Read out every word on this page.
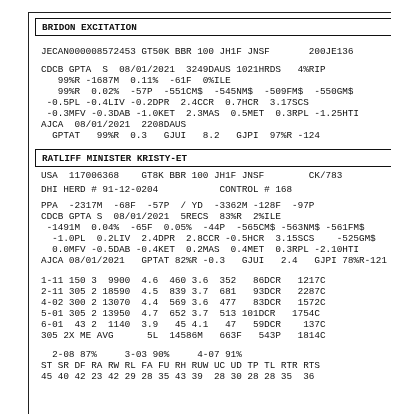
BRIDON EXCITATION
JECAN000008572453 GT50K BBR 100 JH1F JNSF       200JE136
CDCB GPTA  S  08/01/2021  3249DAUS 1021HRDS   4%RIP
99%R -1687M  0.11%  -61F  0%ILE
99%R  0.02%  -57P  -551CM$  -545NM$  -509FM$  -550GM$
-0.5PL -0.4LIV -0.2DPR  2.4CCR  0.7HCR  3.17SCS
-0.3MFV -0.3DAB -1.0KET  2.3MAS  0.5MET  0.3RPL -1.25HTI
AJCA  08/01/2021  2208DAUS
GPTAT   99%R  0.3   GJUI   8.2   GJPI  97%R -124
RATLIFF MINISTER KRISTY-ET
USA  117006368    GT8K BBR 100 JH1F JNSF        CK/783
DHI HERD # 91-12-0204           CONTROL # 168
PPA  -2317M  -68F  -57P  / YD  -3362M -128F  -97P
CDCB GPTA S  08/01/2021  5RECS  83%R  2%ILE
-1491M  0.04%  -65F  0.05%  -44P  -565CM$ -563NM$ -561FM$
-1.0PL  0.2LIV  2.4DPR  2.8CCR -0.5HCR  3.15SCS    -525GM$
0.0MFV -0.5DAB -0.4KET  0.2MAS  0.4MET  0.3RPL -2.10HTI
AJCA 08/01/2021   GPTAT 82%R -0.3   GJUI   2.4   GJPI 78%R-121
1-11 150 3  9900  4.6  460 3.6  352   86DCR   1217C
2-11 305 2 18590  4.5  839 3.7  681   93DCR   2287C
4-02 300 2 13070  4.4  569 3.6  477   83DCR   1572C
5-01 305 2 13950  4.7  652 3.7  513 101DCR   1754C
6-01  43 2  1140  3.9   45 4.1   47   59DCR    137C
305 2X ME AVG      5L  14586M   663F   543P   1814C
2-08 87%     3-03 90%     4-07 91%
ST SR DF RA RW RL FA FU RH RUW UC UD TP TL RTR RTS
45 40 42 23 42 29 28 35 43 39  28 30 28 28 35  36
